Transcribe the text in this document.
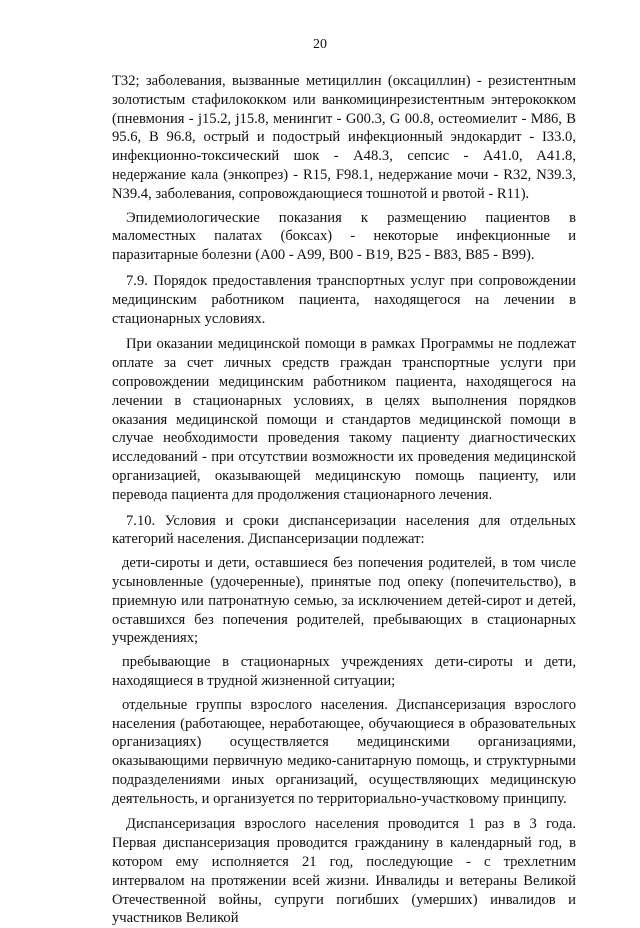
20

T32; заболевания, вызванные метициллин (оксациллин) - резистентным золотистым стафилококком или ванкомицинрезистентным энтерококком (пневмония - j15.2, j15.8, менингит - G00.3, G 00.8, остеомиелит - M86, B 95.6, B 96.8, острый и подострый инфекционный эндокардит - I33.0, инфекционно-токсический шок - A48.3, сепсис - A41.0, A41.8, недержание кала (энкопрез) - R15, F98.1, недержание мочи - R32, N39.3, N39.4, заболевания, сопровождающиеся тошнотой и рвотой - R11).

Эпидемиологические показания к размещению пациентов в маломестных палатах (боксах) - некоторые инфекционные и паразитарные болезни (A00 - A99, B00 - B19, B25 - B83, B85 - B99).

7.9. Порядок предоставления транспортных услуг при сопровождении медицинским работником пациента, находящегося на лечении в стационарных условиях.

При оказании медицинской помощи в рамках Программы не подлежат оплате за счет личных средств граждан транспортные услуги при сопровождении медицинским работником пациента, находящегося на лечении в стационарных условиях, в целях выполнения порядков оказания медицинской помощи и стандартов медицинской помощи в случае необходимости проведения такому пациенту диагностических исследований - при отсутствии возможности их проведения медицинской организацией, оказывающей медицинскую помощь пациенту, или перевода пациента для продолжения стационарного лечения.

7.10. Условия и сроки диспансеризации населения для отдельных категорий населения. Диспансеризации подлежат:

дети-сироты и дети, оставшиеся без попечения родителей, в том числе усыновленные (удочеренные), принятые под опеку (попечительство), в приемную или патронатную семью, за исключением детей-сирот и детей, оставшихся без попечения родителей, пребывающих в стационарных учреждениях;

пребывающие в стационарных учреждениях дети-сироты и дети, находящиеся в трудной жизненной ситуации;

отдельные группы взрослого населения. Диспансеризация взрослого населения (работающее, неработающее, обучающиеся в образовательных организациях) осуществляется медицинскими организациями, оказывающими первичную медико-санитарную помощь, и структурными подразделениями иных организаций, осуществляющих медицинскую деятельность, и организуется по территориально-участковому принципу.

Диспансеризация взрослого населения проводится 1 раз в 3 года. Первая диспансеризация проводится гражданину в календарный год, в котором ему исполняется 21 год, последующие - с трехлетним интервалом на протяжении всей жизни. Инвалиды и ветераны Великой Отечественной войны, супруги погибших (умерших) инвалидов и участников Великой
